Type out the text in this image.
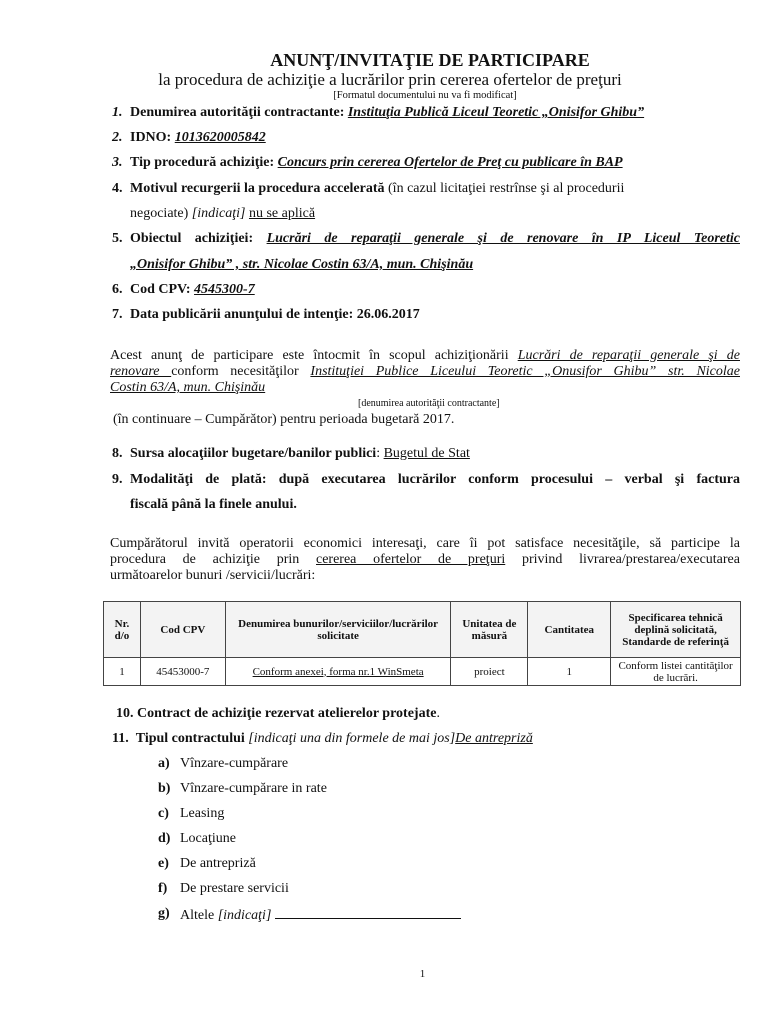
ANUNŢ/INVITAŢIE DE PARTICIPARE
la procedura de achiziţie a lucrărilor prin cererea ofertelor de preţuri
[Formatul documentului nu va fi modificat]
1. Denumirea autorităţii contractante: Instituţia Publică Liceul Teoretic „Onisifor Ghibu”
2. IDNO: 1013620005842
3. Tip procedură achiziţie: Concurs prin cererea Ofertelor de Preţ cu publicare în BAP
4. Motivul recurgerii la procedura accelerată (în cazul licitaţiei restrînse şi al procedurii
negociate) [indicaţi] nu se aplică
5. Obiectul achiziţiei: Lucrări de reparaţii generale şi de renovare în IP Liceul Teoretic
„Onisifor Ghibu” , str. Nicolae Costin 63/A, mun. Chişinău
6. Cod CPV: 4545300-7
7. Data publicării anunţului de intenţie: 26.06.2017
Acest anunţ de participare este întocmit în scopul achiziţionării Lucrări de reparaţii generale şi de
renovare conform necesităţilor Instituţiei Publice Liceului Teoretic „Onusifor Ghibu” str. Nicolae
Costin 63/A, mun. Chişinău
[denumirea autorităţii contractante]
(în continuare – Cumpărător) pentru perioada bugetară 2017.
8. Sursa alocaţiilor bugetare/banilor publici: Bugetul de Stat
9. Modalităţi de plată: după executarea lucrărilor conform procesului – verbal şi factura
fiscală până la finele anului.
Cumpărătorul invită operatorii economici interesaţi, care îi pot satisface necesităţile, să participe la
procedura de achiziţie prin cererea ofertelor de preţuri privind livrarea/prestarea/executarea
următoarelor bunuri /servicii/lucrări:
Nr. d/o	Cod CPV	Denumirea bunurilor/serviciilor/lucrărilor solicitate	Unitatea de măsură	Cantitatea	Specificarea tehnică deplină solicitată, Standarde de referinţă
1	45453000-7	Conform anexei, forma nr.1 WinSmeta	proiect	1	Conform listei cantităţilor de lucrări.
10. Contract de achiziţie rezervat atelierelor protejate.
11. Tipul contractului [indicaţi una din formele de mai jos]De antrepriză
a) Vînzare-cumpărare
b) Vînzare-cumpărare in rate
c) Leasing
d) Locaţiune
e) De antrepriză
f) De prestare servicii
g) Altele [indicaţi]
1
